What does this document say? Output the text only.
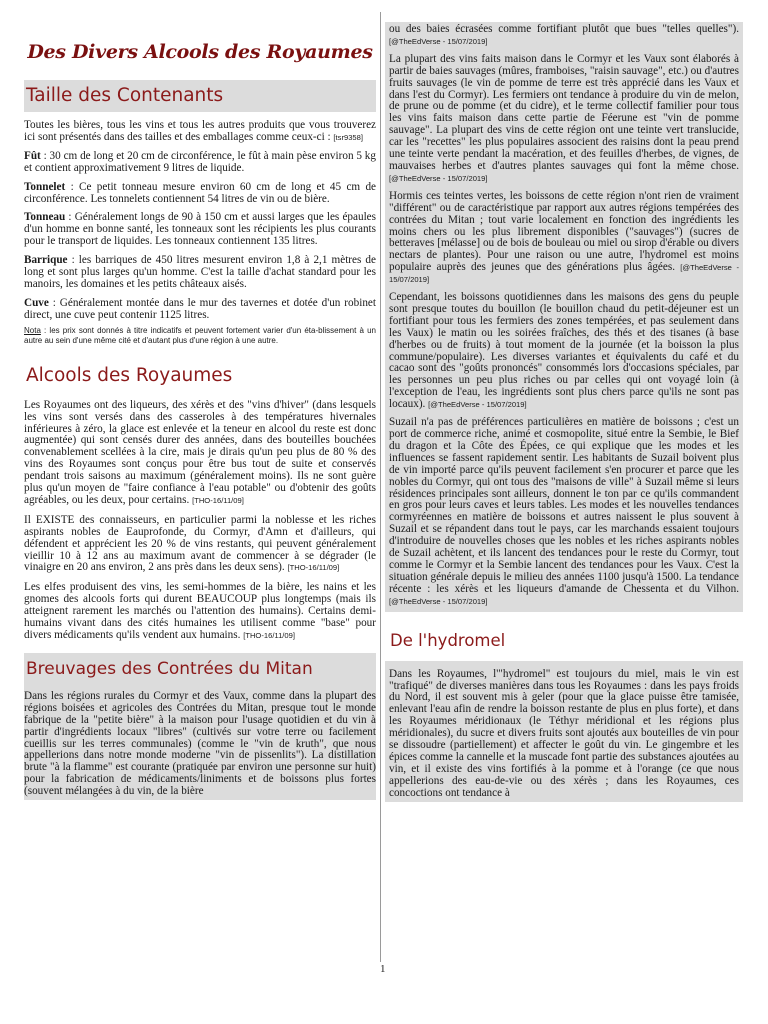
Des Divers Alcools des Royaumes
Taille des Contenants

Toutes les bières, tous les vins et tous les autres produits que vous trouverez ici sont présentés dans des tailles et des emballages comme ceux-ci : [tsr9358]

Fût : 30 cm de long et 20 cm de circonférence, le fût à main pèse environ 5 kg et contient approximativement 9 litres de liquide.

Tonnelet : Ce petit tonneau mesure environ 60 cm de long et 45 cm de circonférence. Les tonnelets contiennent 54 litres de vin ou de bière.

Tonneau : Généralement longs de 90 à 150 cm et aussi larges que les épaules d'un homme en bonne santé, les tonneaux sont les récipients les plus courants pour le transport de liquides. Les tonneaux contiennent 135 litres.

Barrique : les barriques de 450 litres mesurent environ 1,8 à 2,1 mètres de long et sont plus larges qu'un homme. C'est la taille d'achat standard pour les manoirs, les domaines et les petits châteaux aisés.

Cuve : Généralement montée dans le mur des tavernes et dotée d'un robinet direct, une cuve peut contenir 1125 litres.

Nota : les prix sont donnés à titre indicatifs et peuvent fortement varier d'un éta-blissement à un autre au sein d'une même cité et d'autant plus d'une région à une autre.

Alcools des Royaumes

Les Royaumes ont des liqueurs, des xérès et des "vins d'hiver" (dans lesquels les vins sont versés dans des casseroles à des températures hivernales inférieures à zéro, la glace est enlevée et la teneur en alcool du reste est donc augmentée) qui sont censés durer des années, dans des bouteilles bouchées convenablement scellées à la cire, mais je dirais qu'un peu plus de 80 % des vins des Royaumes sont conçus pour être bus tout de suite et conservés pendant trois saisons au maximum (généralement moins). Ils ne sont guère plus qu'un moyen de "faire confiance à l'eau potable" ou d'obtenir des goûts agréables, ou les deux, pour certains. [THO-16/11/09]

Il EXISTE des connaisseurs, en particulier parmi la noblesse et les riches aspirants nobles de Eauprofonde, du Cormyr, d'Amn et d'ailleurs, qui défendent et apprécient les 20 % de vins restants, qui peuvent généralement vieillir 10 à 12 ans au maximum avant de commencer à se dégrader (le vinaigre en 20 ans environ, 2 ans près dans les deux sens). [THO-16/11/09]

Les elfes produisent des vins, les semi-hommes de la bière, les nains et les gnomes des alcools forts qui durent BEAUCOUP plus longtemps (mais ils atteignent rarement les marchés ou l'attention des humains). Certains demi-humains vivant dans des cités humaines les utilisent comme "base" pour divers médicaments qu'ils vendent aux humains. [THO-16/11/09]

Breuvages des Contrées du Mitan

Dans les régions rurales du Cormyr et des Vaux, comme dans la plupart des régions boisées et agricoles des Contrées du Mitan, presque tout le monde fabrique de la "petite bière" à la maison pour l'usage quotidien et du vin à partir d'ingrédients locaux "libres" (cultivés sur votre terre ou facilement cueillis sur les terres communales) (comme le "vin de kruth", que nous appellerions dans notre monde moderne "vin de pissenlits"). La distillation brute "à la flamme" est courante (pratiquée par environ une personne sur huit) pour la fabrication de médicaments/liniments et de boissons plus fortes (souvent mélangées à du vin, de la bière

ou des baies écrasées comme fortifiant plutôt que bues "telles quelles"). [@TheEdVerse - 15/07/2019]

La plupart des vins faits maison dans le Cormyr et les Vaux sont élaborés à partir de baies sauvages (mûres, framboises, "raisin sauvage", etc.) ou d'autres fruits sauvages (le vin de pomme de terre est très apprécié dans les Vaux et dans l'est du Cormyr). Les fermiers ont tendance à produire du vin de melon, de prune ou de pomme (et du cidre), et le terme collectif familier pour tous les vins faits maison dans cette partie de Féerune est "vin de pomme sauvage". La plupart des vins de cette région ont une teinte vert translucide, car les "recettes" les plus populaires associent des raisins dont la peau prend une teinte verte pendant la macération, et des feuilles d'herbes, de vignes, de mauvaises herbes et d'autres plantes sauvages qui font la même chose. [@TheEdVerse - 15/07/2019]

Hormis ces teintes vertes, les boissons de cette région n'ont rien de vraiment "différent" ou de caractéristique par rapport aux autres régions tempérées des contrées du Mitan ; tout varie localement en fonction des ingrédients les moins chers ou les plus librement disponibles ("sauvages") (sucres de betteraves [mélasse] ou de bois de bouleau ou miel ou sirop d'érable ou divers nectars de plantes). Pour une raison ou une autre, l'hydromel est moins populaire auprès des jeunes que des générations plus âgées. [@TheEdVerse - 15/07/2019]

Cependant, les boissons quotidiennes dans les maisons des gens du peuple sont presque toutes du bouillon (le bouillon chaud du petit-déjeuner est un fortifiant pour tous les fermiers des zones tempérées, et pas seulement dans les Vaux) le matin ou les soirées fraîches, des thés et des tisanes (à base d'herbes ou de fruits) à tout moment de la journée (et la boisson la plus commune/populaire). Les diverses variantes et équivalents du café et du cacao sont des "goûts prononcés" consommés lors d'occasions spéciales, par les personnes un peu plus riches ou par celles qui ont voyagé loin (à l'exception de l'eau, les ingrédients sont plus chers parce qu'ils ne sont pas locaux). [@TheEdVerse - 15/07/2019]

Suzail n'a pas de préférences particulières en matière de boissons ; c'est un port de commerce riche, animé et cosmopolite, situé entre la Sembie, le Bief du dragon et la Côte des Épées, ce qui explique que les modes et les influences se fassent rapidement sentir. Les habitants de Suzail boivent plus de vin importé parce qu'ils peuvent facilement s'en procurer et parce que les nobles du Cormyr, qui ont tous des "maisons de ville" à Suzail même si leurs résidences principales sont ailleurs, donnent le ton par ce qu'ils commandent en gros pour leurs caves et leurs tables. Les modes et les nouvelles tendances cormyréennes en matière de boissons et autres naissent le plus souvent à Suzail et se répandent dans tout le pays, car les marchands essaient toujours d'introduire de nouvelles choses que les nobles et les riches aspirants nobles de Suzail achètent, et ils lancent des tendances pour le reste du Cormyr, tout comme le Cormyr et la Sembie lancent des tendances pour les Vaux. C'est la situation générale depuis le milieu des années 1100 jusqu'à 1500. La tendance récente : les xérès et les liqueurs d'amande de Chessenta et du Vilhon. [@TheEdVerse - 15/07/2019]

De l'hydromel

Dans les Royaumes, l'"hydromel" est toujours du miel, mais le vin est "trafiqué" de diverses manières dans tous les Royaumes : dans les pays froids du Nord, il est souvent mis à geler (pour que la glace puisse être tamisée, enlevant l'eau afin de rendre la boisson restante de plus en plus forte), et dans les Royaumes méridionaux (le Téthyr méridional et les régions plus méridionales), du sucre et divers fruits sont ajoutés aux bouteilles de vin pour se dissoudre (partiellement) et affecter le goût du vin. Le gingembre et les épices comme la cannelle et la muscade font partie des substances ajoutées au vin, et il existe des vins fortifiés à la pomme et à l'orange (ce que nous appellerions des eau-de-vie ou des xérès ; dans les Royaumes, ces concoctions ont tendance à

1
